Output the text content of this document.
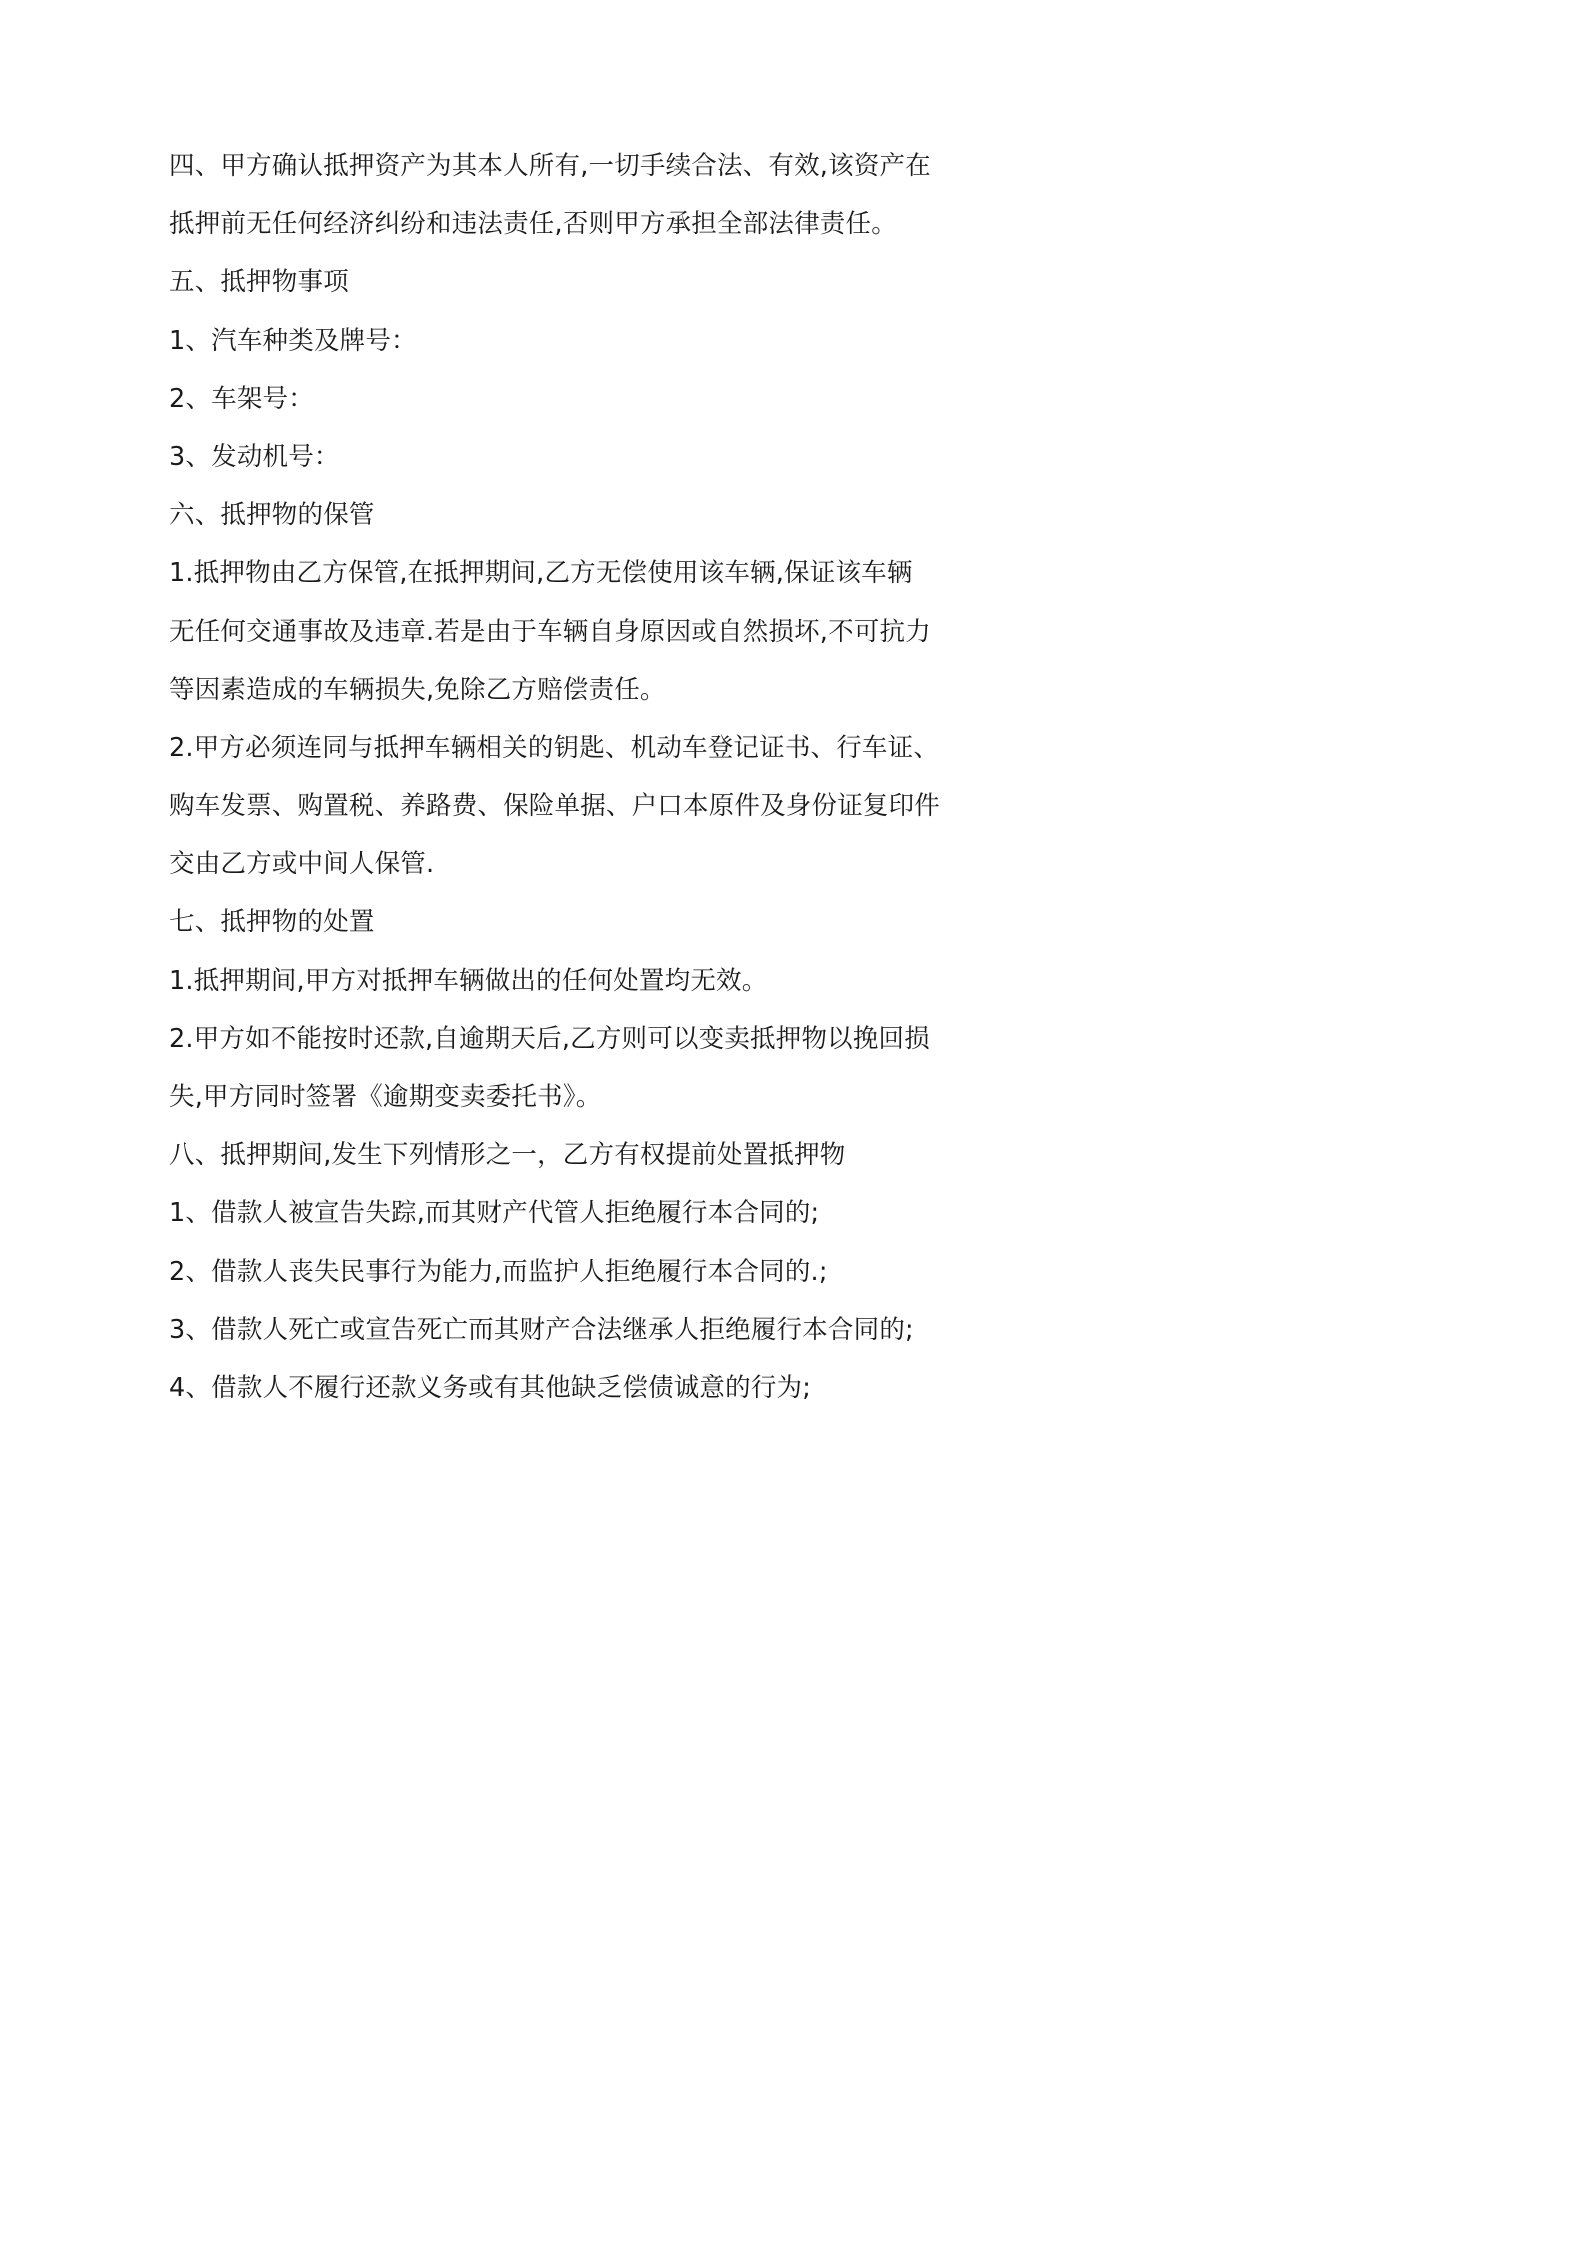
四、甲方确认抵押资产为其本人所有,一切手续合法、有效,该资产在
抵押前无任何经济纠纷和违法责任,否则甲方承担全部法律责任。
五、抵押物事项
1、汽车种类及牌号：
2、车架号：
3、发动机号：
六、抵押物的保管
1.抵押物由乙方保管,在抵押期间,乙方无偿使用该车辆,保证该车辆
无任何交通事故及违章.若是由于车辆自身原因或自然损坏,不可抗力
等因素造成的车辆损失,免除乙方赔偿责任。
2.甲方必须连同与抵押车辆相关的钥匙、机动车登记证书、行车证、
购车发票、购置税、养路费、保险单据、户口本原件及身份证复印件
交由乙方或中间人保管.
七、抵押物的处置
1.抵押期间,甲方对抵押车辆做出的任何处置均无效。
2.甲方如不能按时还款,自逾期天后,乙方则可以变卖抵押物以挽回损
失,甲方同时签署《逾期变卖委托书》。
八、抵押期间,发生下列情形之一，乙方有权提前处置抵押物
1、借款人被宣告失踪,而其财产代管人拒绝履行本合同的;
2、借款人丧失民事行为能力,而监护人拒绝履行本合同的.;
3、借款人死亡或宣告死亡而其财产合法继承人拒绝履行本合同的;
4、借款人不履行还款义务或有其他缺乏偿债诚意的行为;
